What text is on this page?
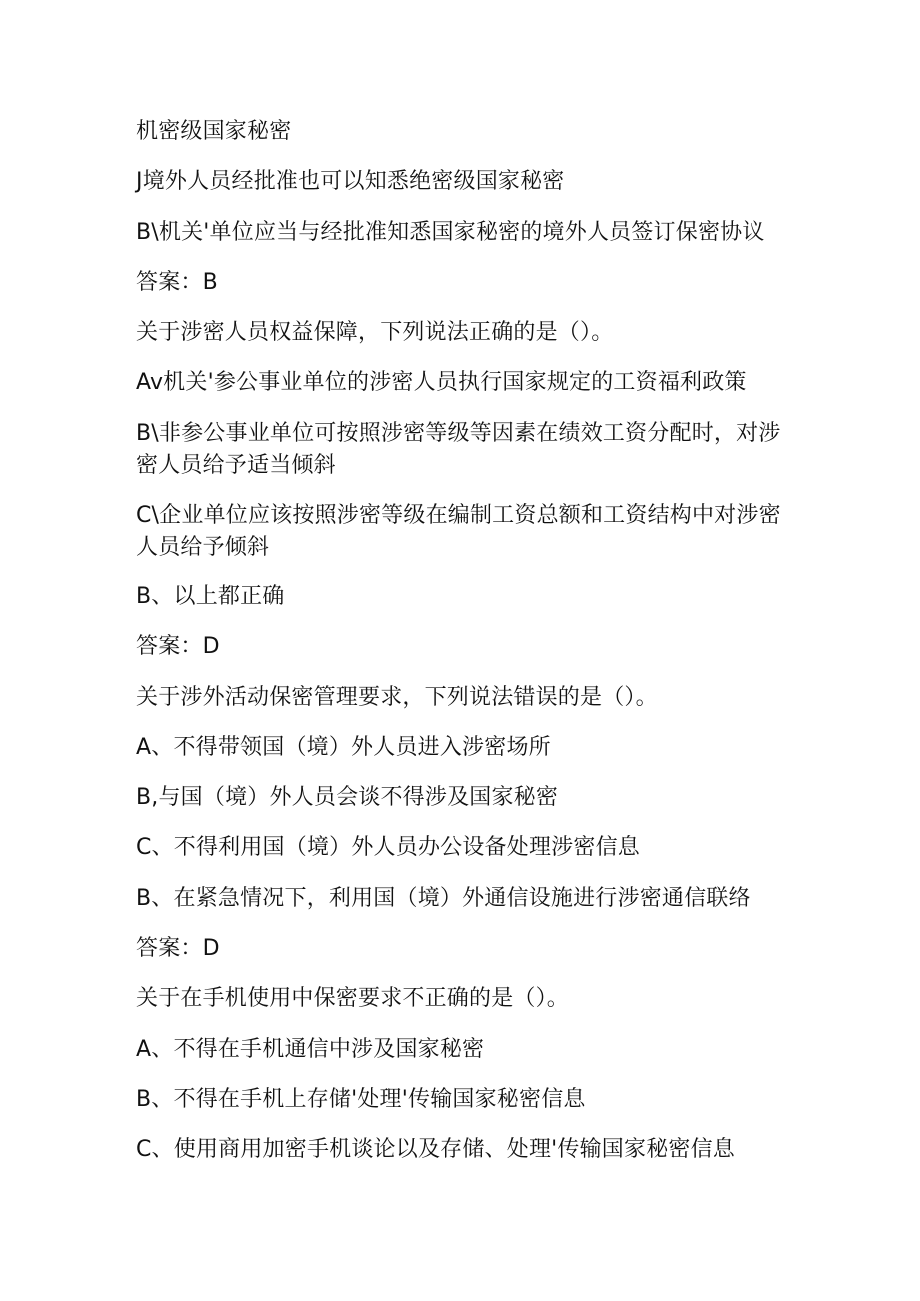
机密级国家秘密
J境外人员经批准也可以知悉绝密级国家秘密
B\机关'单位应当与经批准知悉国家秘密的境外人员签订保密协议
答案：B
关于涉密人员权益保障，下列说法正确的是（）。
Av机关'参公事业单位的涉密人员执行国家规定的工资福利政策
B\非参公事业单位可按照涉密等级等因素在绩效工资分配时，对涉密人员给予适当倾斜
C\企业单位应该按照涉密等级在编制工资总额和工资结构中对涉密人员给予倾斜
B、以上都正确
答案：D
关于涉外活动保密管理要求，下列说法错误的是（）。
A、不得带领国（境）外人员进入涉密场所
B,与国（境）外人员会谈不得涉及国家秘密
C、不得利用国（境）外人员办公设备处理涉密信息
B、在紧急情况下，利用国（境）外通信设施进行涉密通信联络
答案：D
关于在手机使用中保密要求不正确的是（）。
A、不得在手机通信中涉及国家秘密
B、不得在手机上存储'处理'传输国家秘密信息
C、使用商用加密手机谈论以及存储、处理'传输国家秘密信息
